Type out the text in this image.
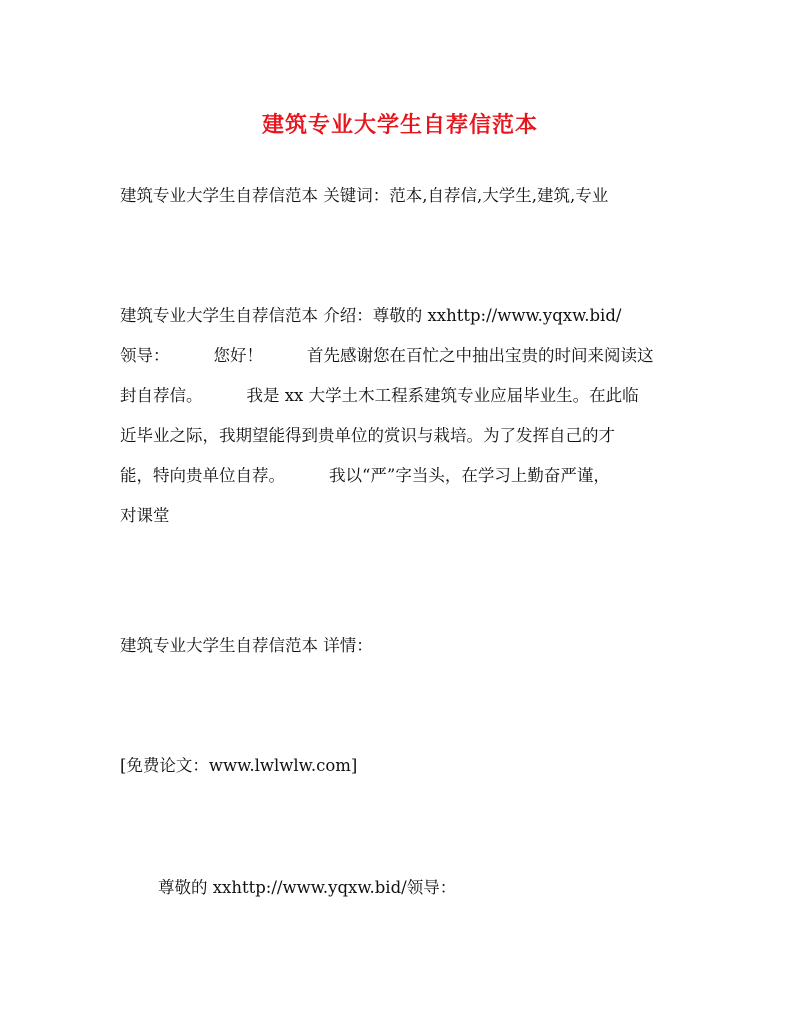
建筑专业大学生自荐信范本
建筑专业大学生自荐信范本 关键词：范本,自荐信,大学生,建筑,专业
建筑专业大学生自荐信范本 介绍：尊敬的 xxhttp://www.yqxw.bid/
领导：	您好！	首先感谢您在百忙之中抽出宝贵的时间来阅读这
封自荐信。	我是 xx 大学土木工程系建筑专业应届毕业生。在此临
近毕业之际，我期望能得到贵单位的赏识与栽培。为了发挥自己的才
能，特向贵单位自荐。	我以“严”字当头，在学习上勤奋严谨，
对课堂
建筑专业大学生自荐信范本 详情：
[免费论文：www.lwlwlw.com]
尊敬的 xxhttp://www.yqxw.bid/领导：
